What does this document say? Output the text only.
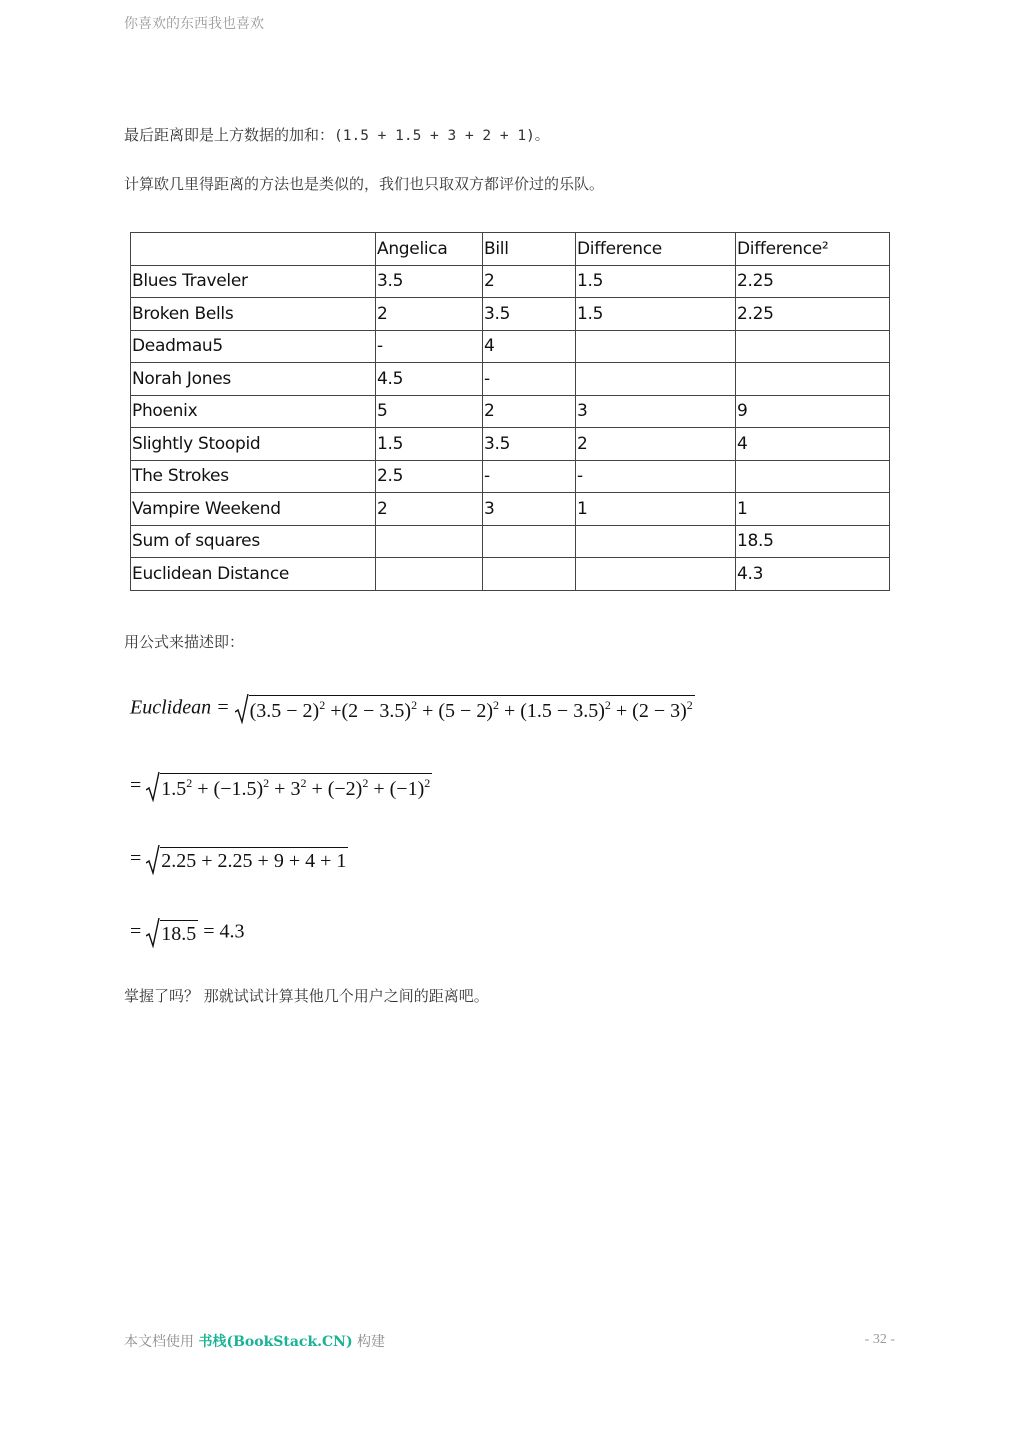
你喜欢的东西我也喜欢
最后距离即是上方数据的加和：(1.5 + 1.5 + 3 + 2 + 1)。
计算欧几里得距离的方法也是类似的，我们也只取双方都评价过的乐队。
	Angelica	Bill	Difference	Difference²
Blues Traveler	3.5	2	1.5	2.25
Broken Bells	2	3.5	1.5	2.25
Deadmau5	-	4		
Norah Jones	4.5	-		
Phoenix	5	2	3	9
Slightly Stoopid	1.5	3.5	2	4
The Strokes	2.5	-	-	
Vampire Weekend	2	3	1	1
Sum of squares				18.5
Euclidean Distance				4.3
用公式来描述即：
Euclidean = $(3.5 - 2)^2 +(2 - 3.5)^2 + (5 - 2)^2 + (1.5 - 3.5)^2 + (2 - 3)^2$
= $1.5^2 + (-1.5)^2 + 3^2 + (-2)^2 + (-1)^2$
= 2.25 + 2.25 + 9 + 4 + 1
= 18.5 = 4.3
掌握了吗？ 那就试试计算其他几个用户之间的距离吧。
本文档使用 书栈(BookStack.CN) 构建	- 32 -
